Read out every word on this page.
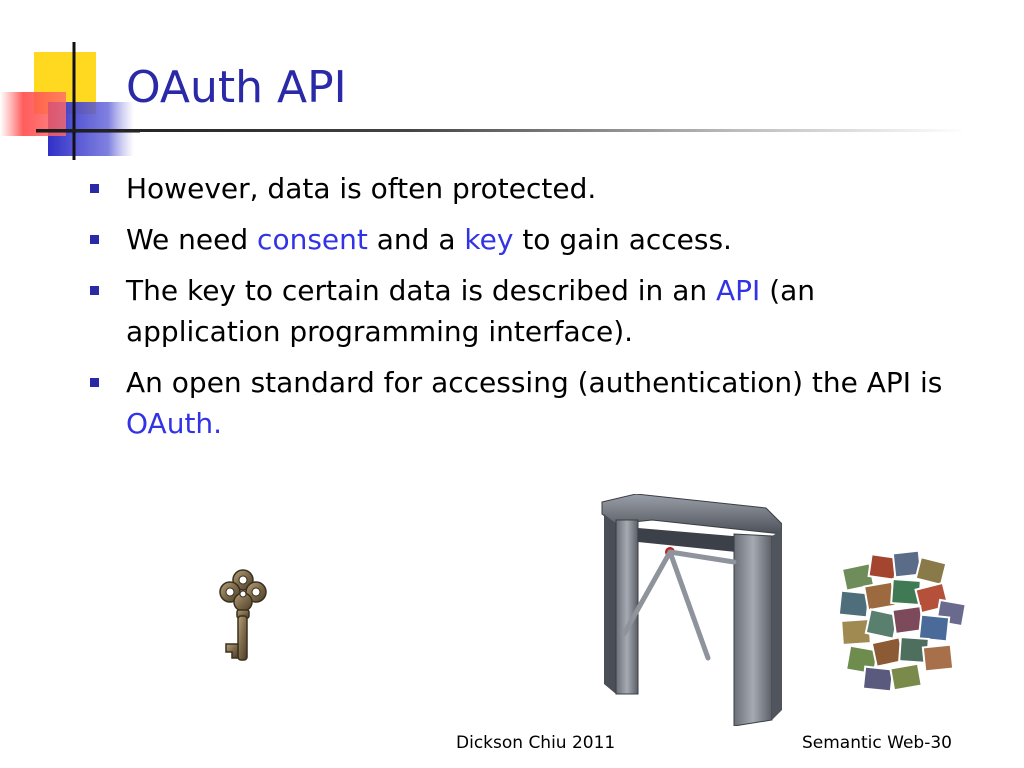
OAuth API
However, data is often protected.
We need consent and a key to gain access.
The key to certain data is described in an API (an application programming interface).
An open standard for accessing (authentication) the API is OAuth.
Dickson Chiu 2011	Semantic Web-30
